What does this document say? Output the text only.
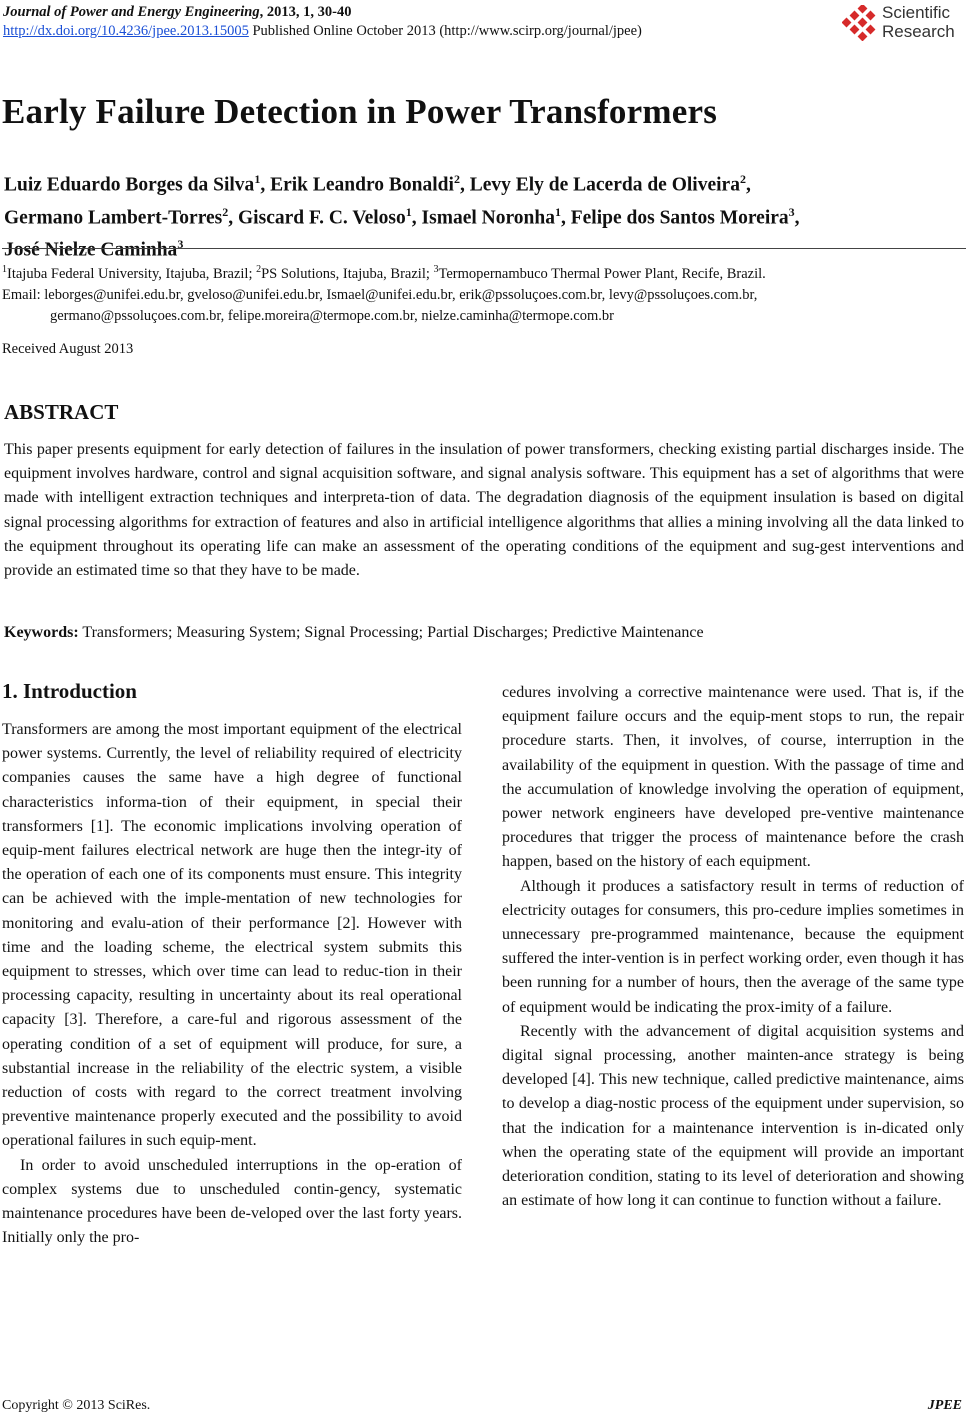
Journal of Power and Energy Engineering, 2013, 1, 30-40
http://dx.doi.org/10.4236/jpee.2013.15005 Published Online October 2013 (http://www.scirp.org/journal/jpee)
Scientific
Research
Early Failure Detection in Power Transformers
Luiz Eduardo Borges da Silva$^1$, Erik Leandro Bonaldi$^2$, Levy Ely de Lacerda de Oliveira$^2$,
Germano Lambert-Torres$^2$, Giscard F. C. Veloso$^1$, Ismael Noronha$^1$, Felipe dos Santos Moreira$^3$,
José Nielze Caminha$^3$
$^1$Itajuba Federal University, Itajuba, Brazil; $^2$PS Solutions, Itajuba, Brazil; $^3$Termopernambuco Thermal Power Plant, Recife, Brazil.
Email: leborges@unifei.edu.br, gveloso@unifei.edu.br, Ismael@unifei.edu.br, erik@pssoluçoes.com.br, levy@pssoluçoes.com.br,
germano@pssoluçoes.com.br, felipe.moreira@termope.com.br, nielze.caminha@termope.com.br
Received August 2013
ABSTRACT
This paper presents equipment for early detection of failures in the insulation of power transformers, checking existing partial discharges inside. The equipment involves hardware, control and signal acquisition software, and signal analysis software. This equipment has a set of algorithms that were made with intelligent extraction techniques and interpreta-tion of data. The degradation diagnosis of the equipment insulation is based on digital signal processing algorithms for extraction of features and also in artificial intelligence algorithms that allies a mining involving all the data linked to the equipment throughout its operating life can make an assessment of the operating conditions of the equipment and sug-gest interventions and provide an estimated time so that they have to be made.
Keywords: Transformers; Measuring System; Signal Processing; Partial Discharges; Predictive Maintenance
1. Introduction

Transformers are among the most important equipment of the electrical power systems. Currently, the level of reliability required of electricity companies causes the same have a high degree of functional characteristics informa-tion of their equipment, in special their transformers [1]. The economic implications involving operation of equip-ment failures electrical network are huge then the integr-ity of the operation of each one of its components must ensure. This integrity can be achieved with the imple-mentation of new technologies for monitoring and evalu-ation of their performance [2]. However with time and the loading scheme, the electrical system submits this equipment to stresses, which over time can lead to reduc-tion in their processing capacity, resulting in uncertainty about its real operational capacity [3]. Therefore, a care-ful and rigorous assessment of the operating condition of a set of equipment will produce, for sure, a substantial increase in the reliability of the electric system, a visible reduction of costs with regard to the correct treatment involving preventive maintenance properly executed and the possibility to avoid operational failures in such equip-ment.

In order to avoid unscheduled interruptions in the op-eration of complex systems due to unscheduled contin-gency, systematic maintenance procedures have been de-veloped over the last forty years. Initially only the pro-

cedures involving a corrective maintenance were used. That is, if the equipment failure occurs and the equip-ment stops to run, the repair procedure starts. Then, it involves, of course, interruption in the availability of the equipment in question. With the passage of time and the accumulation of knowledge involving the operation of equipment, power network engineers have developed pre-ventive maintenance procedures that trigger the process of maintenance before the crash happen, based on the history of each equipment.

Although it produces a satisfactory result in terms of reduction of electricity outages for consumers, this pro-cedure implies sometimes in unnecessary pre-programmed maintenance, because the equipment suffered the inter-vention is in perfect working order, even though it has been running for a number of hours, then the average of the same type of equipment would be indicating the prox-imity of a failure.

Recently with the advancement of digital acquisition systems and digital signal processing, another mainten-ance strategy is being developed [4]. This new technique, called predictive maintenance, aims to develop a diag-nostic process of the equipment under supervision, so that the indication for a maintenance intervention is in-dicated only when the operating state of the equipment will provide an important deterioration condition, stating to its level of deterioration and showing an estimate of how long it can continue to function without a failure.

Copyright © 2013 SciRes.	JPEE
